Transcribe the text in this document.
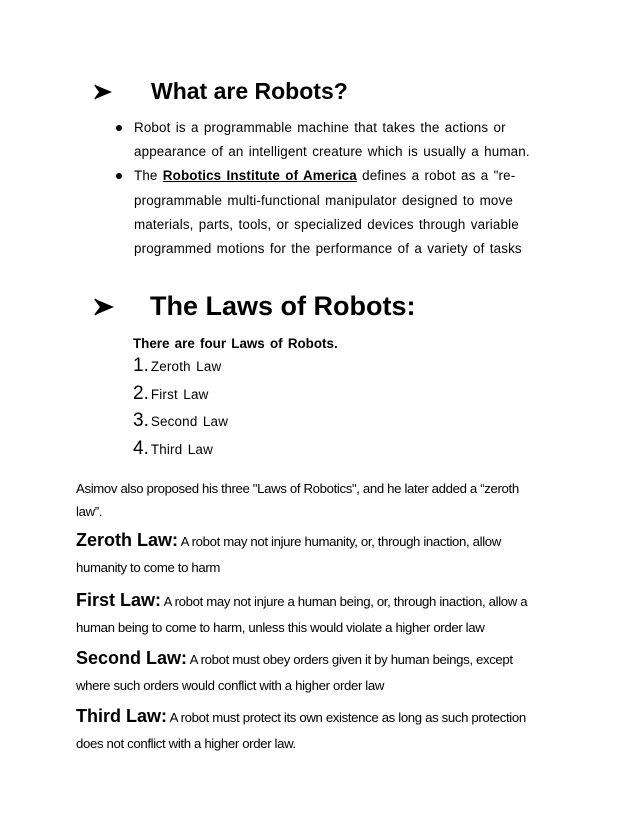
What are Robots?
Robot is a programmable machine that takes the actions or
appearance of an intelligent creature which is usually a human.
The Robotics Institute of America defines a robot as a "re-
programmable multi-functional manipulator designed to move
materials, parts, tools, or specialized devices through variable
programmed motions for the performance of a variety of tasks
The Laws of Robots:
There are four Laws of Robots.
1. Zeroth Law
2. First Law
3. Second Law
4. Third Law
Asimov also proposed his three "Laws of Robotics", and he later added a “zeroth
law”.
Zeroth Law: A robot may not injure humanity, or, through inaction, allow
humanity to come to harm
First Law: A robot may not injure a human being, or, through inaction, allow a
human being to come to harm, unless this would violate a higher order law
Second Law: A robot must obey orders given it by human beings, except
where such orders would conflict with a higher order law
Third Law: A robot must protect its own existence as long as such protection
does not conflict with a higher order law.
